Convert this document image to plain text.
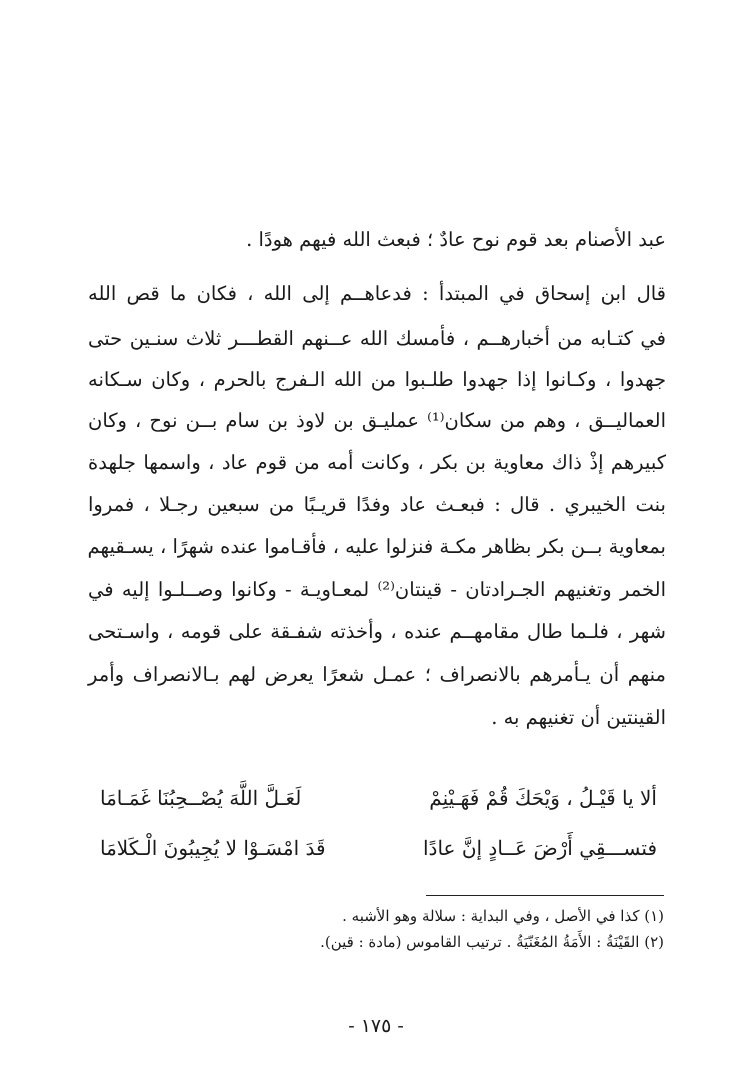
عبد الأصنام بعد قوم نوح عادٌ ؛ فبعث الله فيهم هودًا .
قال ابن إسحاق في المبتدأ : فدعاهــم إلى الله ، فكان ما قص الله
في كتـابه من أخبارهــم ، فأمسك الله عــنهم القطـــر ثلاث سنـين حتى
جهدوا ، وكـانوا إذا جهدوا طلـبوا من الله الـفرج بالحرم ، وكان سـكانه
العماليــق ، وهم من سكان⁽¹⁾ عمليـق بن لاوذ بن سام بــن نوح ، وكان
كبيرهم إذْ ذاك معاوية بن بكر ، وكانت أمه من قوم عاد ، واسمها جلهدة
بنت الخيبري . قال : فبعـث عاد وفدًا قريـبًا من سبعين رجـلا ، فمروا
بمعاوية بــن بكر بظاهر مكـة فنزلوا عليه ، فأقـاموا عنده شهرًا ، يسـقيهم
الخمر وتغنيهم الجـرادتان - قينتان⁽²⁾ لمعـاويـة - وكانوا وصــلـوا إليه في
شهر ، فلـما طال مقامهــم عنده ، وأخذته شفـقة على قومه ، واسـتحى
منهم أن يـأمرهم بالانصراف ؛ عمـل شعرًا يعرض لهم بـالانصراف وأمر
القينتين أن تغنيهم به .
ألا يا قَيْـلُ ، وَيْحَكَ قُمْ فَهَـيْنِمْ
لَعَـلَّ اللَّهَ يُصْــحِبُنَا غَمَـامَا
فتســـقِي أَرْضَ عَــادٍ إنَّ عادًا
قَدَ امْسَـوْا لا يُجِيبُونَ الْـكَلامَا
(١) كذا في الأصل ، وفي البداية : سلالة وهو الأشبه .
(٢) القَيْنَةُ : الأَمَةُ المُغَنّيَةُ . ترتيب القاموس (مادة : قين).
- ١٧٥ -
